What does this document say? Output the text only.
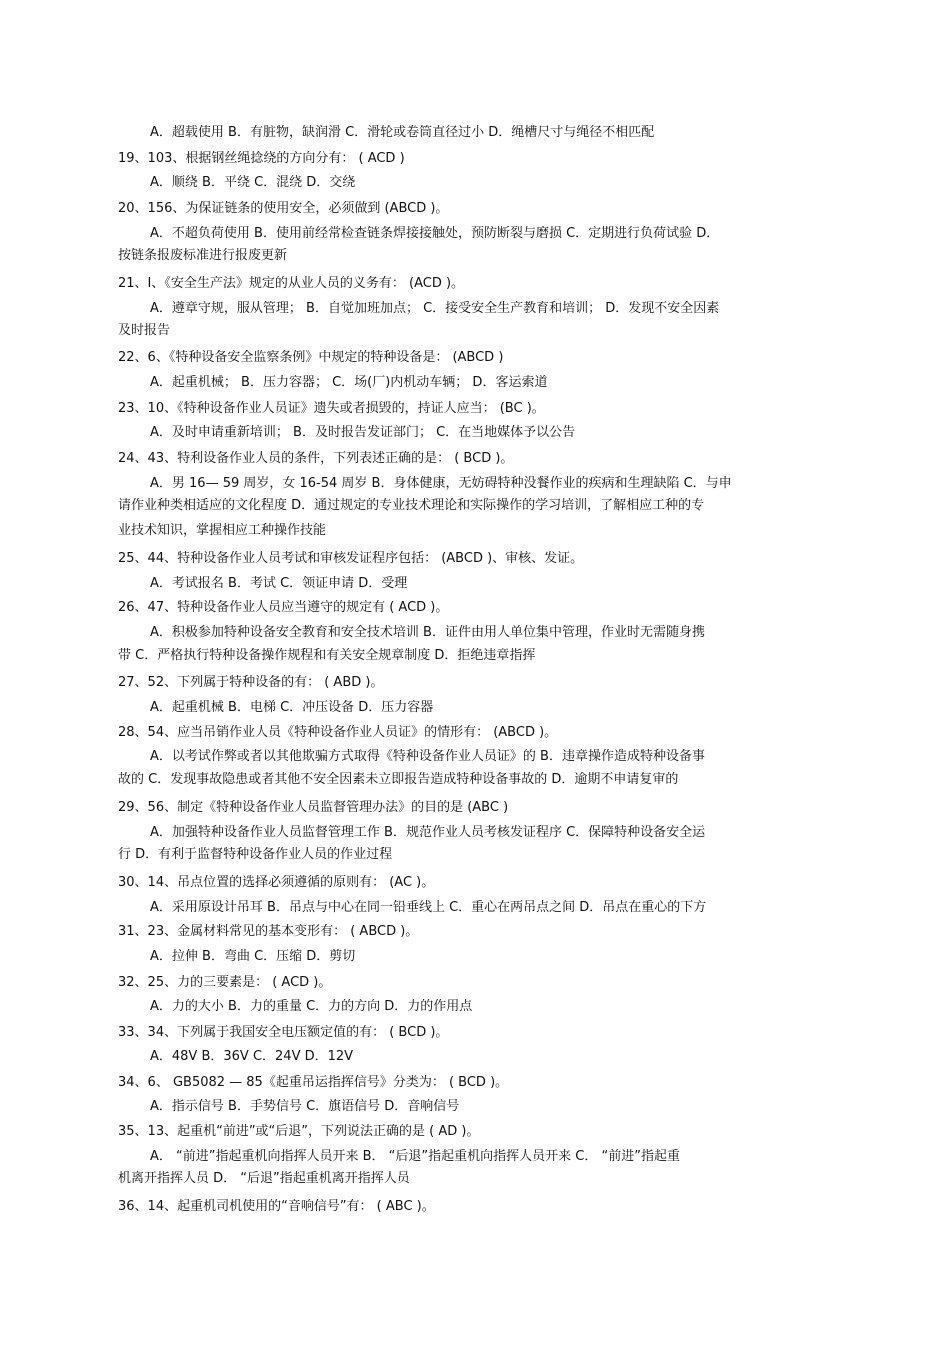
A．超载使用 B．有脏物，缺润滑 C．滑轮或卷筒直径过小 D．绳槽尺寸与绳径不相匹配
19、103、根据钢丝绳捻绕的方向分有： ( ACD )
A．顺绕 B．平绕 C．混绕 D．交绕
20、156、为保证链条的使用安全，必须做到 (ABCD )。
A．不超负荷使用 B．使用前经常检查链条焊接接触处，预防断裂与磨损 C．定期进行负荷试验 D．
按链条报废标准进行报废更新
21、I、《安全生产法》规定的从业人员的义务有： (ACD )。
A．遵章守规，服从管理； B．自觉加班加点； C．接受安全生产教育和培训； D．发现不安全因素
及时报告
22、6、《特种设备安全监察条例》中规定的特种设备是： (ABCD )
A．起重机械； B．压力容器； C．场(厂)内机动车辆； D．客运索道
23、10、《特种设备作业人员证》遗失或者损毁的，持证人应当： (BC )。
A．及时申请重新培训； B．及时报告发证部门； C．在当地媒体予以公告
24、43、特利设备作业人员的条件，下列表述正确的是： ( BCD )。
A．男 16— 59 周岁，女 16-54 周岁 B．身体健康，无妨碍特种没餐作业的疾病和生理缺陷 C．与申
请作业种类相适应的文化程度 D．通过规定的专业技术理论和实际操作的学习培训，了解相应工种的专
业技术知识，掌握相应工种操作技能
25、44、特种设备作业人员考试和审核发证程序包括： (ABCD )、审核、发证。
A．考试报名 B．考试 C．领证申请 D．受理
26、47、特种设备作业人员应当遵守的规定有 ( ACD )。
A．积极参加特种设备安全教育和安全技术培训 B．证件由用人单位集中管理，作业时无需随身携
带 C．严格执行特种设备操作规程和有关安全规章制度 D．拒绝违章指挥
27、52、下列属于特种设备的有： ( ABD )。
A．起重机械 B．电梯 C．冲压设备 D．压力容器
28、54、应当吊销作业人员《特种设备作业人员证》的情形有： (ABCD )。
A．以考试作弊或者以其他欺骗方式取得《特种设备作业人员证》的 B．违章操作造成特种设备事
故的 C．发现事故隐患或者其他不安全因素未立即报告造成特种设备事故的 D．逾期不申请复审的
29、56、制定《特种设备作业人员监督管理办法》的目的是 (ABC )
A．加强特种设备作业人员监督管理工作 B．规范作业人员考核发证程序 C．保障特种设备安全运
行 D．有利于监督特种设备作业人员的作业过程
30、14、吊点位置的选择必须遵循的原则有： (AC )。
A．采用原设计吊耳 B．吊点与中心在同一铅垂线上 C．重心在两吊点之间 D．吊点在重心的下方
31、23、金属材料常见的基本变形有： ( ABCD )。
A．拉伸 B．弯曲 C．压缩 D．剪切
32、25、力的三要素是： ( ACD )。
A．力的大小 B．力的重量 C．力的方向 D．力的作用点
33、34、下列属于我国安全电压额定值的有： ( BCD )。
A．48V B．36V C．24V D．12V
34、6、 GB5082 — 85《起重吊运指挥信号》分类为： ( BCD )。
A．指示信号 B．手势信号 C．旗语信号 D．音响信号
35、13、起重机“前进”或“后退”，下列说法正确的是 ( AD )。
A． “前进”指起重机向指挥人员开来 B． “后退”指起重机向指挥人员开来 C． “前进”指起重
机离开指挥人员 D． “后退”指起重机离开指挥人员
36、14、起重机司机使用的“音响信号”有： ( ABC )。
